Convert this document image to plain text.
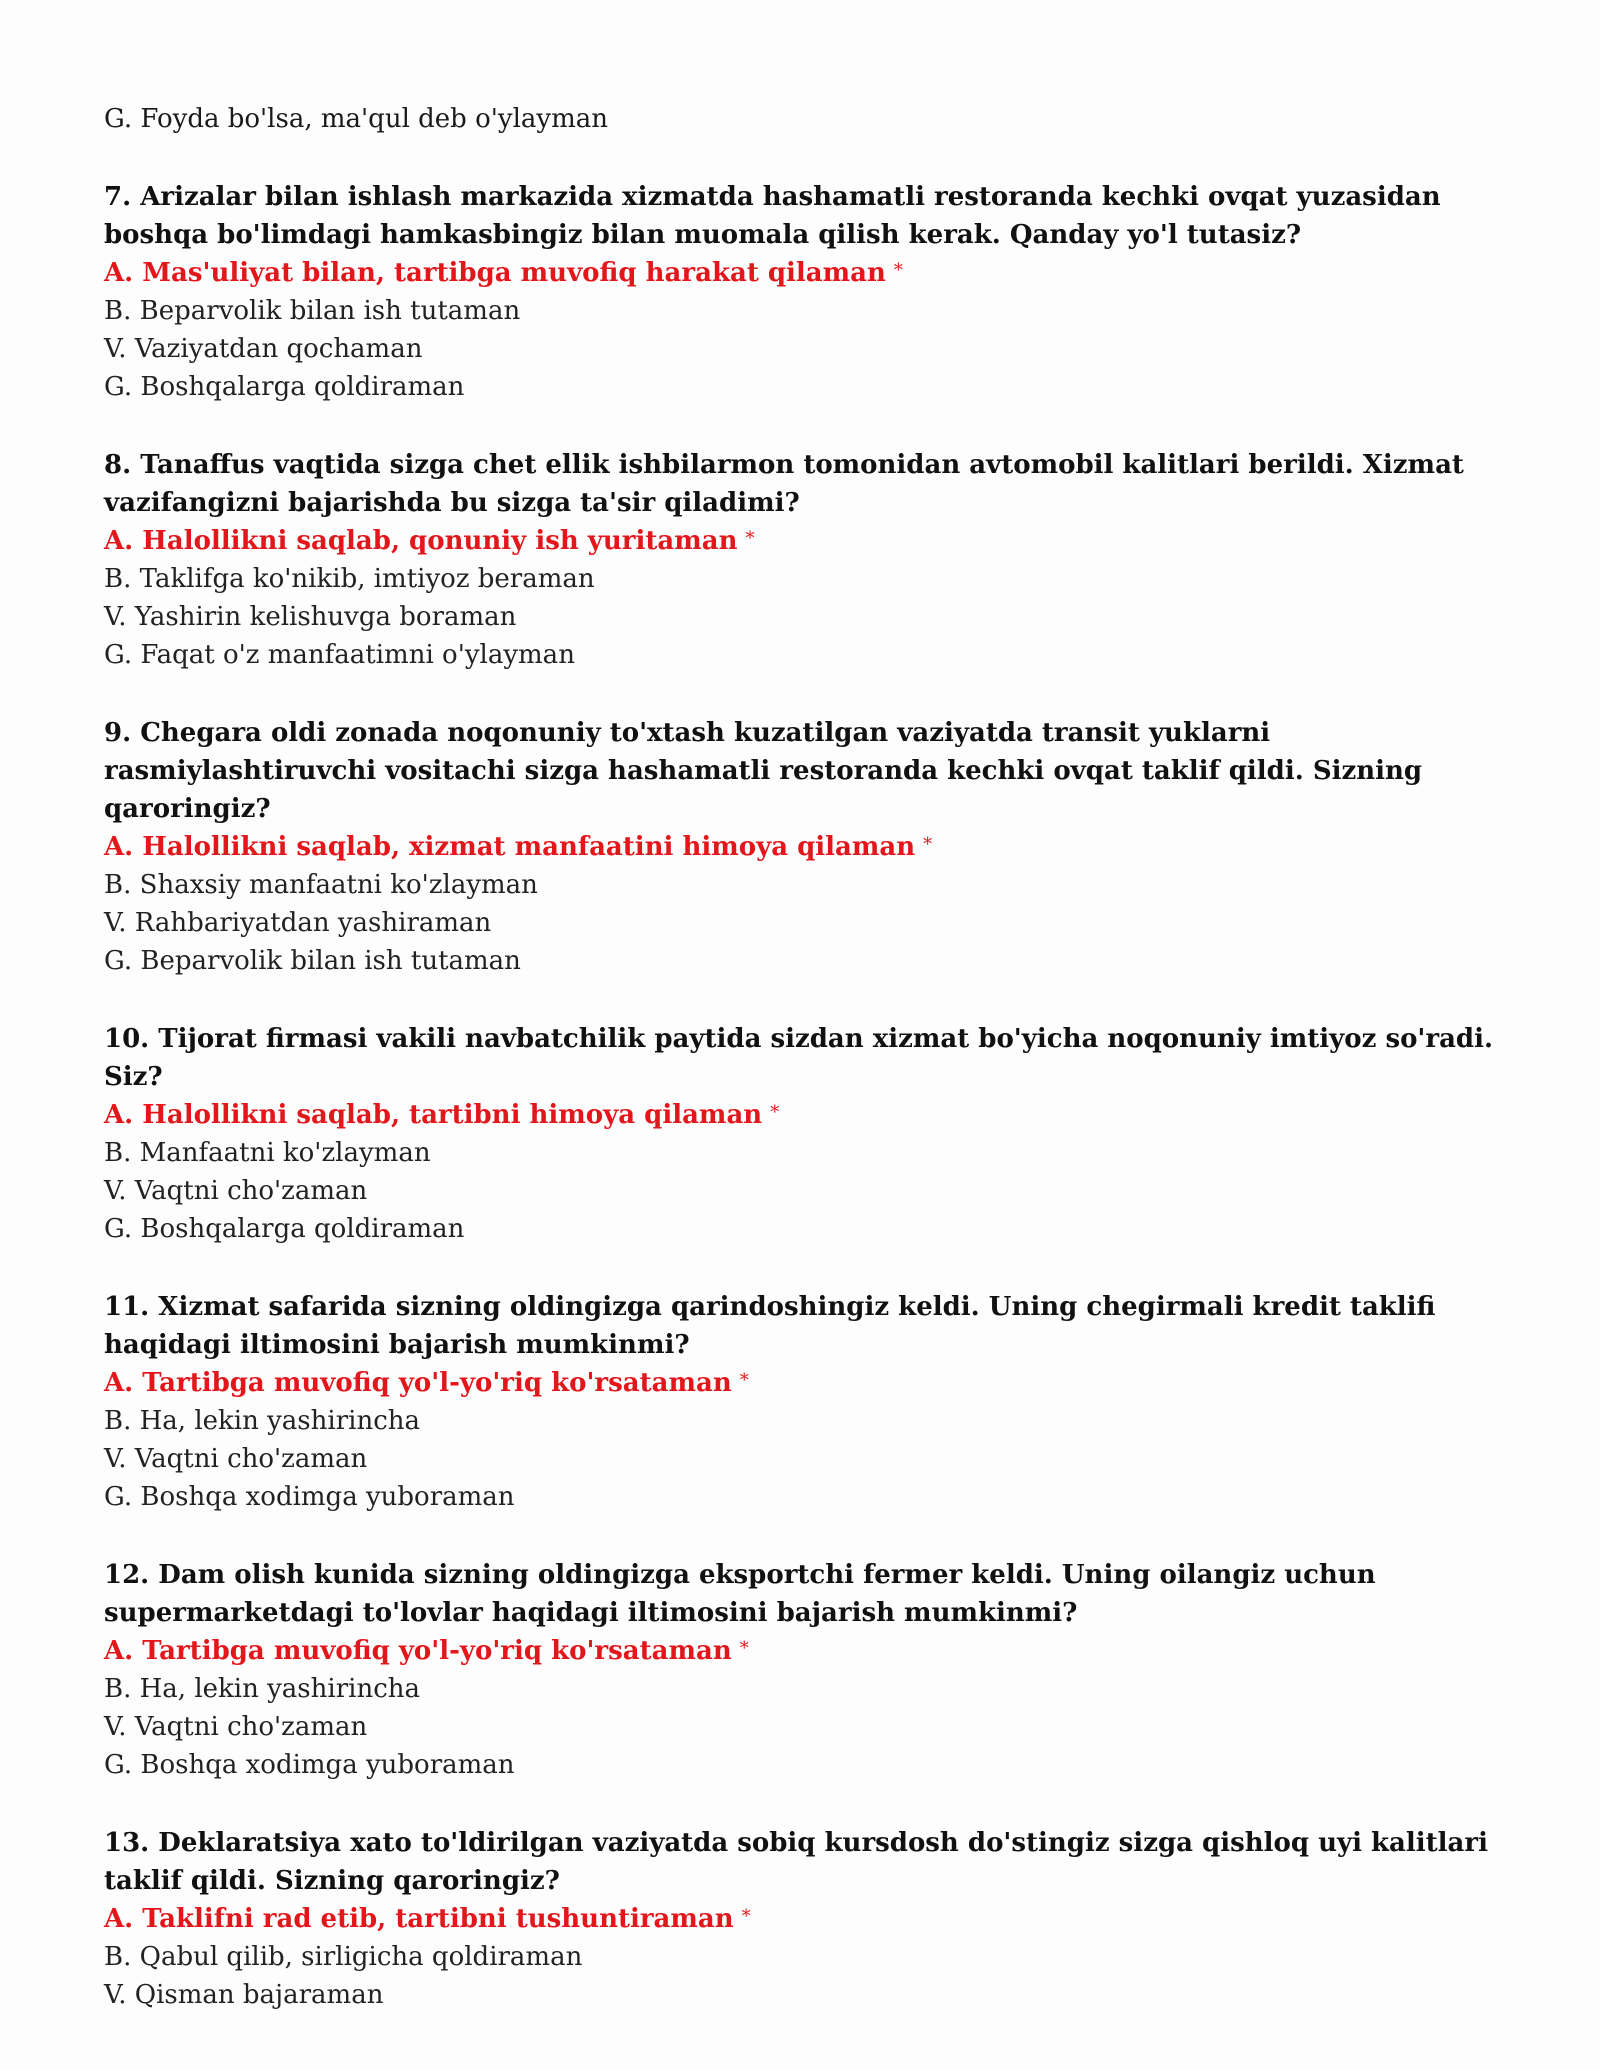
G. Foyda bo'lsa, ma'qul deb o'ylayman

7. Arizalar bilan ishlash markazida xizmatda hashamatli restoranda kechki ovqat yuzasidan boshqa bo'limdagi hamkasbingiz bilan muomala qilish kerak. Qanday yo'l tutasiz?

A. Mas'uliyat bilan, tartibga muvofiq harakat qilaman *

B. Beparvolik bilan ish tutaman

V. Vaziyatdan qochaman

G. Boshqalarga qoldiraman

8. Tanaffus vaqtida sizga chet ellik ishbilarmon tomonidan avtomobil kalitlari berildi. Xizmat vazifangizni bajarishda bu sizga ta'sir qiladimi?

A. Halollikni saqlab, qonuniy ish yuritaman *

B. Taklifga ko'nikib, imtiyoz beraman

V. Yashirin kelishuvga boraman

G. Faqat o'z manfaatimni o'ylayman

9. Chegara oldi zonada noqonuniy to'xtash kuzatilgan vaziyatda transit yuklarni rasmiylashtiruvchi vositachi sizga hashamatli restoranda kechki ovqat taklif qildi. Sizning qaroringiz?

A. Halollikni saqlab, xizmat manfaatini himoya qilaman *

B. Shaxsiy manfaatni ko'zlayman

V. Rahbariyatdan yashiraman

G. Beparvolik bilan ish tutaman

10. Tijorat firmasi vakili navbatchilik paytida sizdan xizmat bo'yicha noqonuniy imtiyoz so'radi. Siz?

A. Halollikni saqlab, tartibni himoya qilaman *

B. Manfaatni ko'zlayman

V. Vaqtni cho'zaman

G. Boshqalarga qoldiraman

11. Xizmat safarida sizning oldingizga qarindoshingiz keldi. Uning chegirmali kredit taklifi haqidagi iltimosini bajarish mumkinmi?

A. Tartibga muvofiq yo'l-yo'riq ko'rsataman *

B. Ha, lekin yashirincha

V. Vaqtni cho'zaman

G. Boshqa xodimga yuboraman

12. Dam olish kunida sizning oldingizga eksportchi fermer keldi. Uning oilangiz uchun supermarketdagi to'lovlar haqidagi iltimosini bajarish mumkinmi?

A. Tartibga muvofiq yo'l-yo'riq ko'rsataman *

B. Ha, lekin yashirincha

V. Vaqtni cho'zaman

G. Boshqa xodimga yuboraman

13. Deklaratsiya xato to'ldirilgan vaziyatda sobiq kursdosh do'stingiz sizga qishloq uyi kalitlari taklif qildi. Sizning qaroringiz?

A. Taklifni rad etib, tartibni tushuntiraman *

B. Qabul qilib, sirligicha qoldiraman

V. Qisman bajaraman
